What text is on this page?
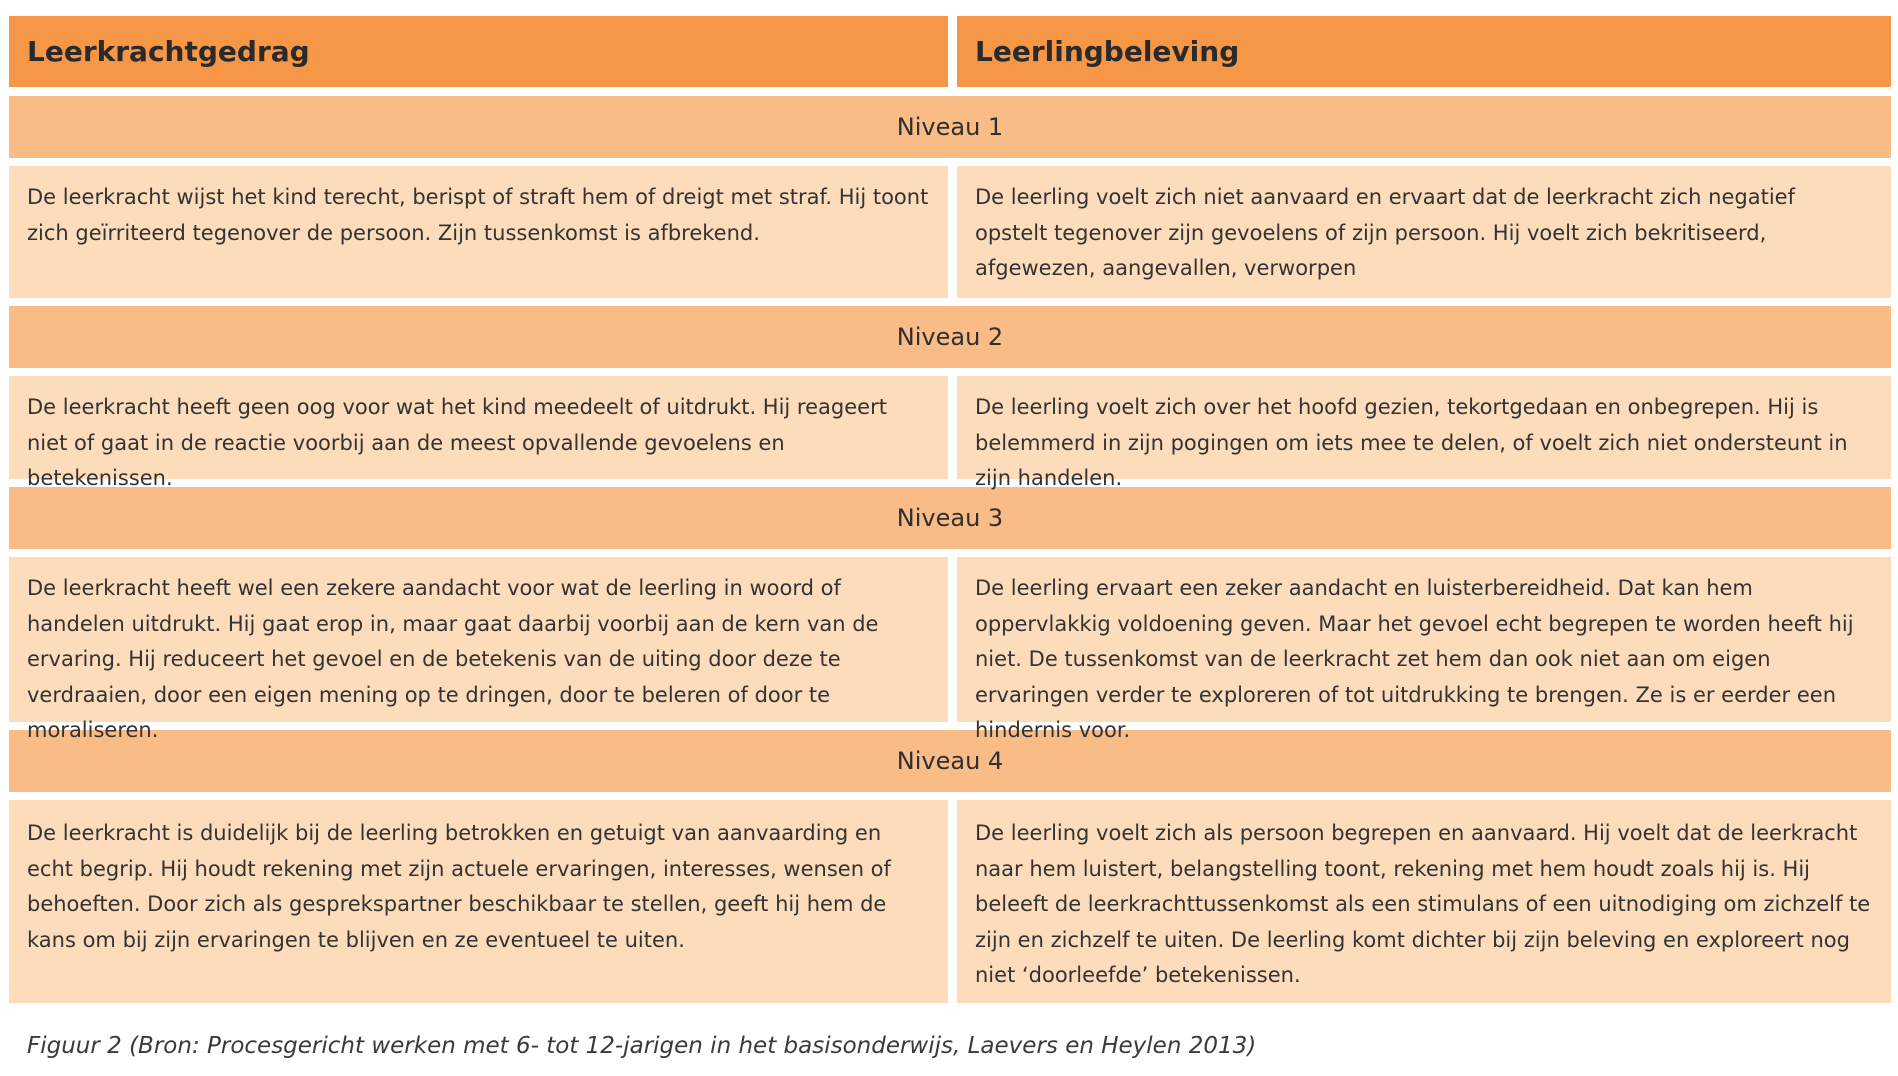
Leerkrachtgedrag	Leerlingbeleving
Niveau 1
De leerkracht wijst het kind terecht, berispt of straft hem of dreigt met straf. Hij toont zich geïrriteerd tegenover de persoon. Zijn tussenkomst is afbrekend.
De leerling voelt zich niet aanvaard en ervaart dat de leerkracht zich negatief opstelt tegenover zijn gevoelens of zijn persoon. Hij voelt zich bekritiseerd, afgewezen, aangevallen, verworpen
Niveau 2
De leerkracht heeft geen oog voor wat het kind meedeelt of uitdrukt. Hij reageert niet of gaat in de reactie voorbij aan de meest opvallende gevoelens en betekenissen.
De leerling voelt zich over het hoofd gezien, tekortgedaan en onbegrepen. Hij is belemmerd in zijn pogingen om iets mee te delen, of voelt zich niet ondersteunt in zijn handelen.
Niveau 3
De leerkracht heeft wel een zekere aandacht voor wat de leerling in woord of handelen uitdrukt. Hij gaat erop in, maar gaat daarbij voorbij aan de kern van de ervaring. Hij reduceert het gevoel en de betekenis van de uiting door deze te verdraaien, door een eigen mening op te dringen, door te beleren of door te moraliseren.
De leerling ervaart een zeker aandacht en luisterbereidheid. Dat kan hem oppervlakkig voldoening geven. Maar het gevoel echt begrepen te worden heeft hij niet. De tussenkomst van de leerkracht zet hem dan ook niet aan om eigen ervaringen verder te exploreren of tot uitdrukking te brengen. Ze is er eerder een hindernis voor.
Niveau 4
De leerkracht is duidelijk bij de leerling betrokken en getuigt van aanvaarding en echt begrip. Hij houdt rekening met zijn actuele ervaringen, interesses, wensen of behoeften. Door zich als gesprekspartner beschikbaar te stellen, geeft hij hem de kans om bij zijn ervaringen te blijven en ze eventueel te uiten.
De leerling voelt zich als persoon begrepen en aanvaard. Hij voelt dat de leerkracht naar hem luistert, belangstelling toont, rekening met hem houdt zoals hij is. Hij beleeft de leerkrachttussenkomst als een stimulans of een uitnodiging om zichzelf te zijn en zichzelf te uiten. De leerling komt dichter bij zijn beleving en exploreert nog niet ‘doorleefde’ betekenissen.
Figuur 2 (Bron: Procesgericht werken met 6- tot 12-jarigen in het basisonderwijs, Laevers en Heylen 2013)
